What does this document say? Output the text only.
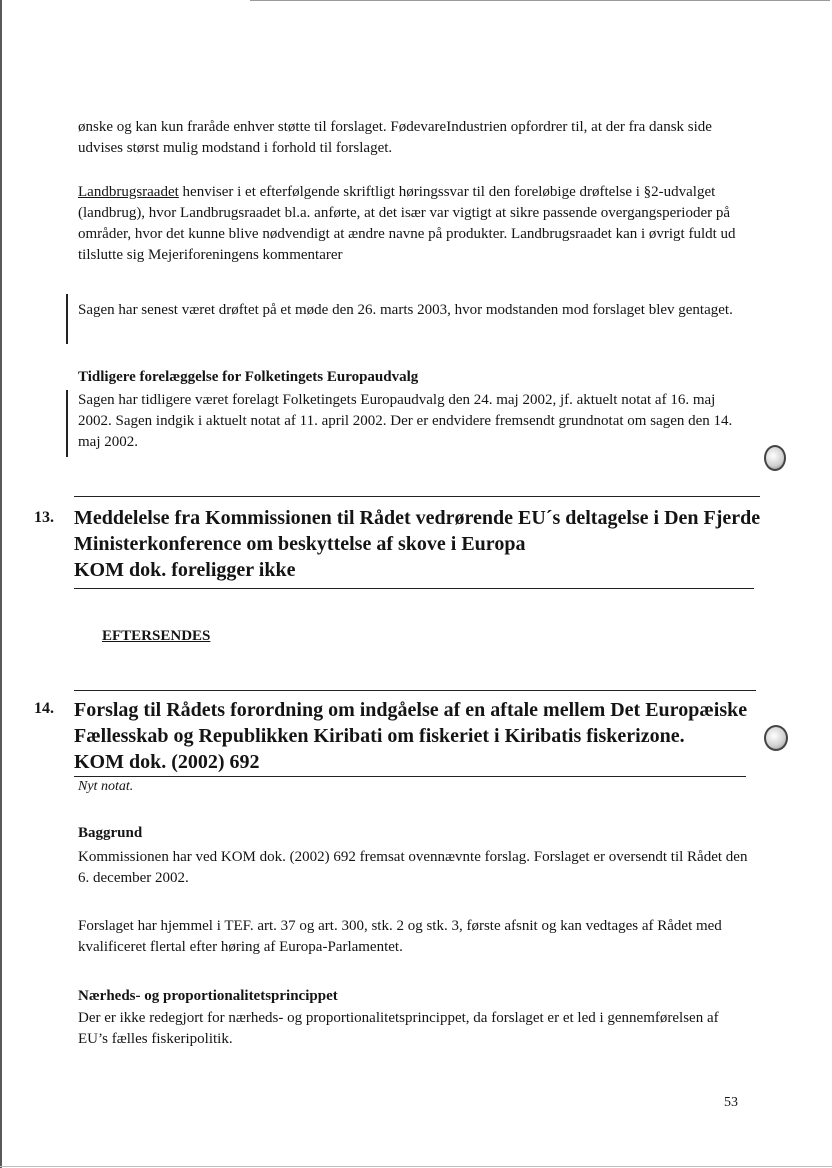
ønske og kan kun fraråde enhver støtte til forslaget. FødevareIndustrien opfordrer til, at der fra dansk side udvises størst mulig modstand i forhold til forslaget.

Landbrugsraadet henviser i et efterfølgende skriftligt høringssvar til den foreløbige drøftelse i §2-udvalget (landbrug), hvor Landbrugsraadet bl.a. anførte, at det især var vigtigt at sikre passende overgangsperioder på områder, hvor det kunne blive nødvendigt at ændre navne på produkter. Landbrugsraadet kan i øvrigt fuldt ud tilslutte sig Mejeriforeningens kommentarer

Sagen har senest været drøftet på et møde den 26. marts 2003, hvor modstanden mod forslaget blev gentaget.

Tidligere forelæggelse for Folketingets Europaudvalg

Sagen har tidligere været forelagt Folketingets Europaudvalg den 24. maj 2002, jf. aktuelt notat af 16. maj 2002. Sagen indgik i aktuelt notat af 11. april 2002. Der er endvidere fremsendt grundnotat om sagen den 14. maj 2002.

13. Meddelelse fra Kommissionen til Rådet vedrørende EU´s deltagelse i Den Fjerde

Ministerkonference om beskyttelse af skove i Europa

KOM dok. foreligger ikke

EFTERSENDES
14. Forslag til Rådets forordning om indgåelse af en aftale mellem Det Europæiske

Fællesskab og Republikken Kiribati om fiskeriet i Kiribatis fiskerizone.

KOM dok. (2002) 692

Nyt notat.

Baggrund

Kommissionen har ved KOM dok. (2002) 692 fremsat ovennævnte forslag. Forslaget er oversendt til Rådet den 6. december 2002.

Forslaget har hjemmel i TEF. art. 37 og art. 300, stk. 2 og stk. 3, første afsnit og kan vedtages af Rådet med kvalificeret flertal efter høring af Europa-Parlamentet.

Nærheds- og proportionalitetsprincippet

Der er ikke redegjort for nærheds- og proportionalitetsprincippet, da forslaget er et led i gennemførelsen af EU’s fælles fiskeripolitik.

53
